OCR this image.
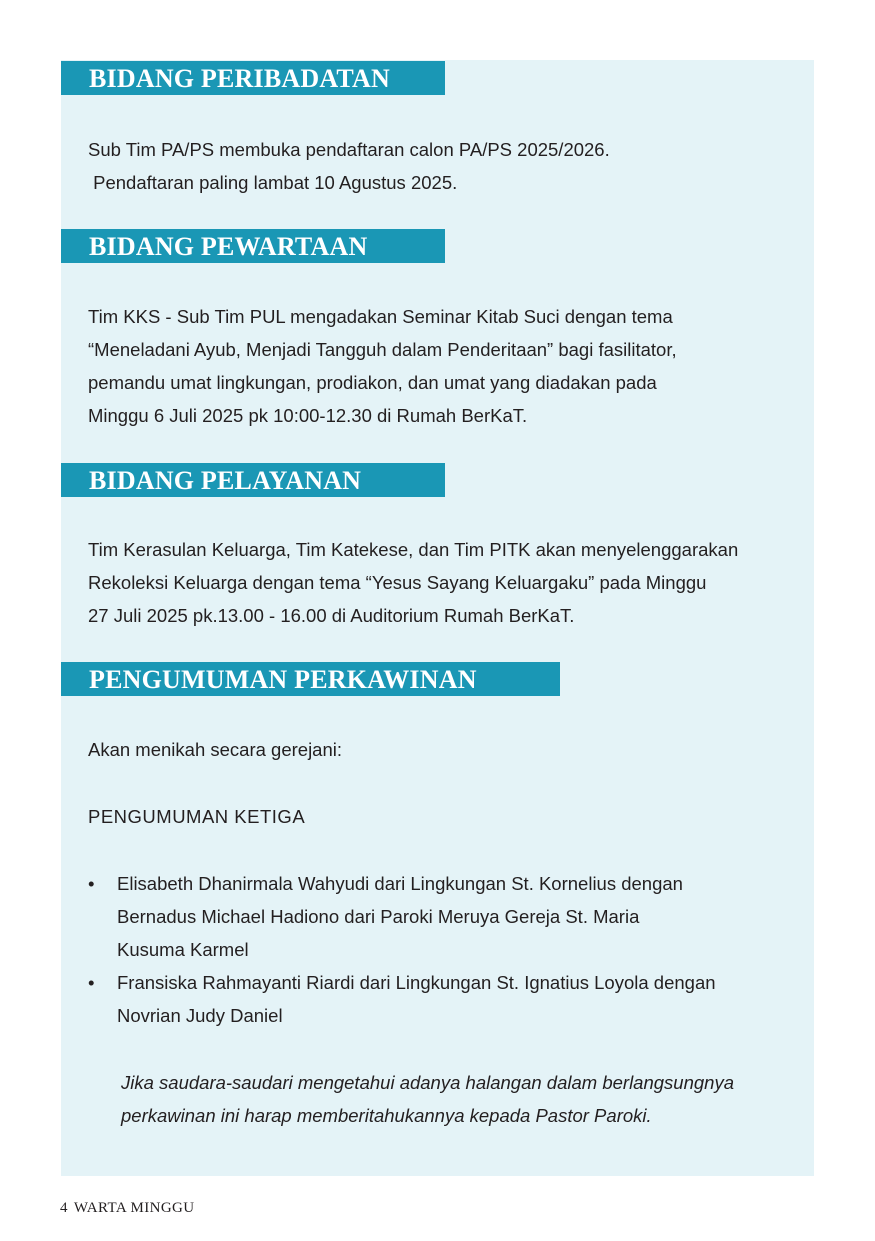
BIDANG PERIBADATAN
Sub Tim PA/PS membuka pendaftaran calon PA/PS 2025/2026.
Pendaftaran paling lambat 10 Agustus 2025.
BIDANG PEWARTAAN
Tim KKS - Sub Tim PUL mengadakan Seminar Kitab Suci dengan tema
“Meneladani Ayub, Menjadi Tangguh dalam Penderitaan” bagi fasilitator,
pemandu umat lingkungan, prodiakon, dan umat yang diadakan pada
Minggu 6 Juli 2025 pk 10:00-12.30 di Rumah BerKaT.
BIDANG PELAYANAN
Tim Kerasulan Keluarga, Tim Katekese, dan Tim PITK akan menyelenggarakan
Rekoleksi Keluarga dengan tema “Yesus Sayang Keluargaku” pada Minggu
27 Juli 2025 pk.13.00 - 16.00 di Auditorium Rumah BerKaT.
PENGUMUMAN PERKAWINAN
Akan menikah secara gerejani:
PENGUMUMAN KETIGA
• Elisabeth Dhanirmala Wahyudi dari Lingkungan St. Kornelius dengan
Bernadus Michael Hadiono dari Paroki Meruya Gereja St. Maria
Kusuma Karmel
• Fransiska Rahmayanti Riardi dari Lingkungan St. Ignatius Loyola dengan
Novrian Judy Daniel
Jika saudara-saudari mengetahui adanya halangan dalam berlangsungnya
perkawinan ini harap memberitahukannya kepada Pastor Paroki.
4 WARTA MINGGU
